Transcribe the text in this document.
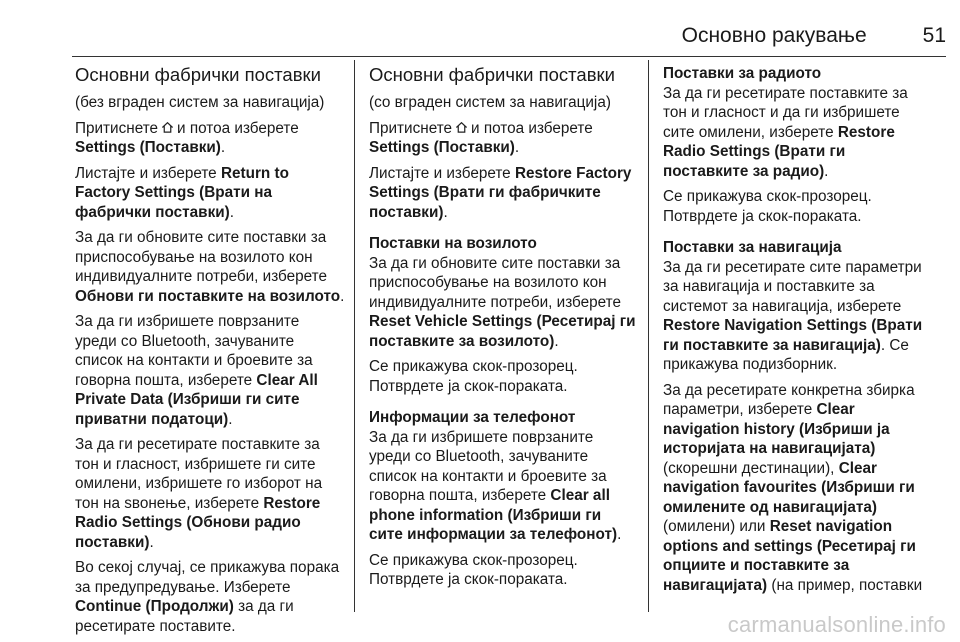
Основно ракување	51
Основни фабрички поставки

(без вграден систем за навигација)

Притиснете и потоа изберете Settings (Поставки).

Листајте и изберете Return to Factory Settings (Врати на фабрички поставки).

За да ги обновите сите поставки за приспособување на возилото кон индивидуалните потреби, изберете Обнови ги поставките на возилото.

За да ги избришете поврзаните уреди со Bluetooth, зачуваните список на контакти и броевите за говорна пошта, изберете Clear All Private Data (Избриши ги сите приватни податоци).

За да ги ресетирате поставките за тон и гласност, избришете ги сите омилени, избришете го изборот на тон на ѕвонење, изберете Restore Radio Settings (Обнови радио поставки).

Во секој случај, се прикажува порака за предупредување. Изберете Continue (Продолжи) за да ги ресетирате поставите.

Основни фабрички поставки

(со вграден систем за навигација)

Притиснете и потоа изберете Settings (Поставки).

Листајте и изберете Restore Factory Settings (Врати ги фабричките поставки).

Поставки на возилото

За да ги обновите сите поставки за приспособување на возилото кон индивидуалните потреби, изберете Reset Vehicle Settings (Ресетирај ги поставките за возилото).

Се прикажува скок-прозорец. Потврдете ја скок-пораката.

Информации за телефонот

За да ги избришете поврзаните уреди со Bluetooth, зачуваните список на контакти и броевите за говорна пошта, изберете Clear all phone information (Избриши ги сите информации за телефонот).

Се прикажува скок-прозорец. Потврдете ја скок-пораката.

Поставки за радиото

За да ги ресетирате поставките за тон и гласност и да ги избришете сите омилени, изберете Restore Radio Settings (Врати ги поставките за радио).

Се прикажува скок-прозорец. Потврдете ја скок-пораката.

Поставки за навигација

За да ги ресетирате сите параметри за навигација и поставките за системот за навигација, изберете Restore Navigation Settings (Врати ги поставките за навигација). Се прикажува подизборник.

За да ресетирате конкретна збирка параметри, изберете Clear navigation history (Избриши ја историјата на навигацијата) (скорешни дестинации), Clear navigation favourites (Избриши ги омилените од навигацијата) (омилени) или Reset navigation options and settings (Ресетирај ги опциите и поставките за навигацијата) (на пример, поставки

carmanualsonline.info
